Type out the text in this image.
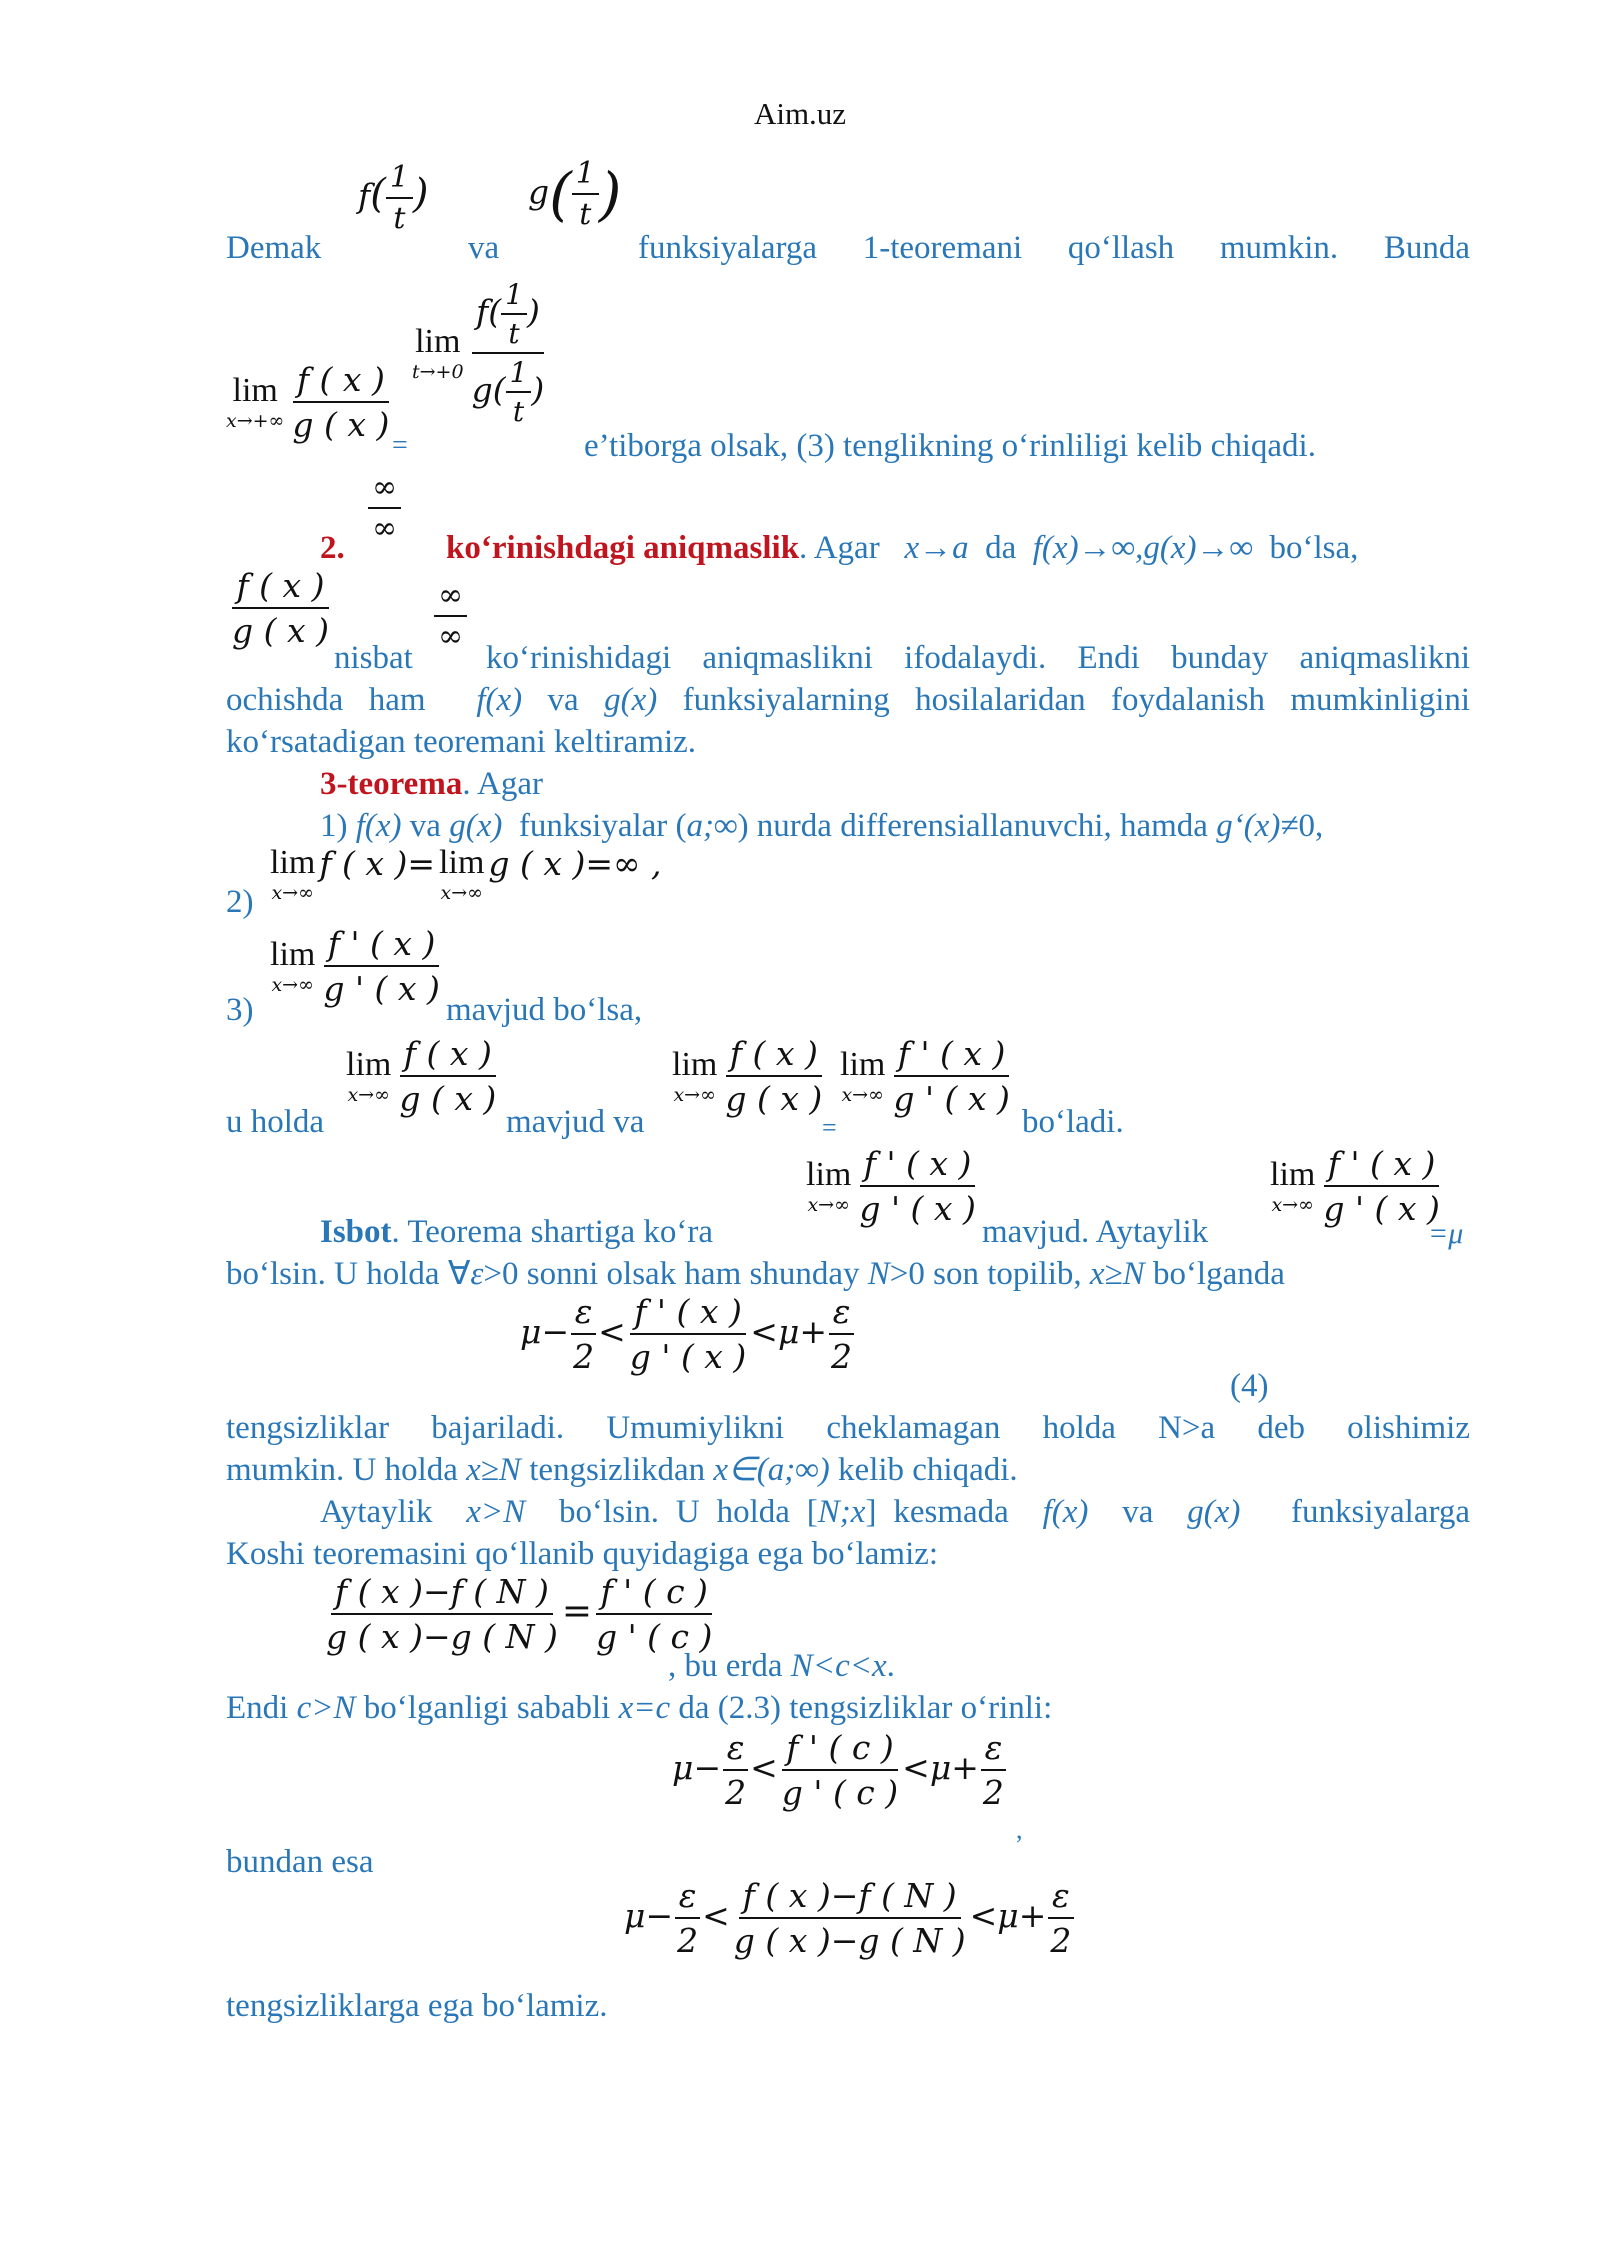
Aim.uz
Demak
$f( \frac{1}{t}$ )
va
$g( \frac{1}{t}$ )
funksiyalarga 1-teoremani qo‘llash mumkin. Bunda
lim
x→+∞
$\frac{f ( x )}{g ( x )}$
=
lim
t→+0
$\frac{f( \frac{1}{t} )}{g( \frac{1}{t} )}$
e’tiborga olsak, (3) tenglikning o‘rinliligi kelib chiqadi.
∞
∞
2.	ko‘rinishdagi aniqmaslik. Agar x→a da f(x)→∞,g(x)→∞ bo‘lsa,
$\frac{f ( x )}{g ( x )}$
nisbat
∞
∞
ko‘rinishidagi aniqmaslikni ifodalaydi. Endi bunday aniqmaslikni
ochishda ham f(x) va g(x) funksiyalarning hosilalaridan foydalanish mumkinligini
ko‘rsatadigan teoremani keltiramiz.
3-teorema. Agar
1) f(x) va g(x) funksiyalar (a;∞) nurda differensiallanuvchi, hamda g‘(x)≠0,
2)
lim
x→∞
f ( x )= lim
x→∞
g ( x )=∞ ,
3)
lim
x→∞
$\frac{f ' ( x )}{g ' ( x )}$
mavjud bo‘lsa,
u holda
lim
x→∞
$\frac{f ( x )}{g ( x )}$
mavjud va
lim
x→∞
$\frac{f ( x )}{g ( x )}$
=
lim
x→∞
$\frac{f ' ( x )}{g ' ( x )}$
bo‘ladi.
Isbot. Teorema shartiga ko‘ra
lim
x→∞
$\frac{f ' ( x )}{g ' ( x )}$
mavjud. Aytaylik
lim
x→∞
$\frac{f ' ( x )}{g ' ( x )}$
=μ
bo‘lsin. U holda ∀ε>0 sonni olsak ham shunday N>0 son topilib, x≥N bo‘lganda
$\mu- \frac{\varepsilon}{2} < \frac{f ' ( x )}{g ' ( x )} <\mu+ \frac{\varepsilon}{2}$
(4)
tengsizliklar bajariladi. Umumiylikni cheklamagan holda N>a deb olishimiz
mumkin. U holda x≥N tengsizlikdan x∈(a;∞) kelib chiqadi.
Aytaylik x>N bo‘lsin. U holda [N;x] kesmada f(x) va g(x) funksiyalarga
Koshi teoremasini qo‘llanib quyidagiga ega bo‘lamiz:
$\frac{f ( x )-f ( N )}{g ( x )-g ( N )} = \frac{f ' ( c )}{g ' ( c )}$
, bu erda N<c<x.
Endi c>N bo‘lganligi sababli x=c da (2.3) tengsizliklar o‘rinli:
$\mu- \frac{\varepsilon}{2} < \frac{f ' ( c )}{g ' ( c )} <\mu+ \frac{\varepsilon}{2}$
,
bundan esa
$\mu- \frac{\varepsilon}{2} < \frac{f ( x )-f ( N )}{g ( x )-g ( N )} <\mu+ \frac{\varepsilon}{2}$
tengsizliklarga ega bo‘lamiz.
